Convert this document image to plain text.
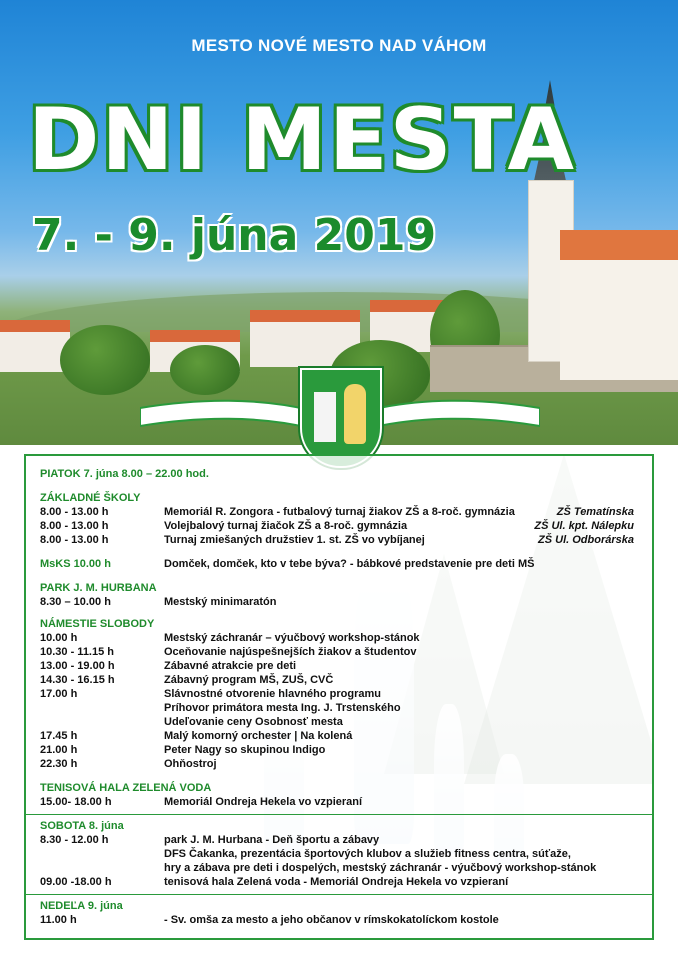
MESTO NOVÉ MESTO NAD VÁHOM
DNI MESTA
7. - 9. júna 2019
PIATOK 7. júna 8.00 – 22.00 hod.
ZÁKLADNÉ ŠKOLY
8.00 - 13.00 h	Memoriál R. Zongora - futbalový turnaj žiakov ZŠ a 8-roč. gymnázia	ZŠ Tematínska
8.00 - 13.00 h	Volejbalový turnaj žiačok ZŠ a 8-roč. gymnázia	ZŠ Ul. kpt. Nálepku
8.00 - 13.00 h	Turnaj zmiešaných družstiev 1. st. ZŠ vo vybíjanej	ZŠ Ul. Odborárska
MsKS 10.00 h	Domček, domček, kto v tebe býva? - bábkové predstavenie pre deti MŠ
PARK J. M. HURBANA
8.30 – 10.00 h	Mestský minimaratón
NÁMESTIE SLOBODY
10.00 h	Mestský záchranár – výučbový workshop-stánok
10.30 - 11.15 h	Oceňovanie najúspešnejších žiakov a študentov
13.00 - 19.00 h	Zábavné atrakcie pre deti
14.30 - 16.15 h	Zábavný program MŠ, ZUŠ, CVČ
17.00 h	Slávnostné otvorenie hlavného programu
Príhovor primátora mesta Ing. J. Trstenského
Udeľovanie ceny Osobnosť mesta
17.45 h	Malý komorný orchester | Na kolená
21.00 h	Peter Nagy so skupinou Indigo
22.30 h	Ohňostroj
TENISOVÁ HALA ZELENÁ VODA
15.00- 18.00 h	Memoriál Ondreja Hekela vo vzpieraní
SOBOTA 8. júna
8.30 - 12.00 h	park J. M. Hurbana - Deň športu a zábavy
DFS Čakanka, prezentácia športových klubov a služieb fitness centra, súťaže,
hry a zábava pre deti i dospelých, mestský záchranár - výučbový workshop-stánok
09.00 -18.00 h	tenisová hala Zelená voda - Memoriál Ondreja Hekela vo vzpieraní
NEDEĽA 9. júna
11.00 h	- Sv. omša za mesto a jeho občanov v rímskokatolíckom kostole
